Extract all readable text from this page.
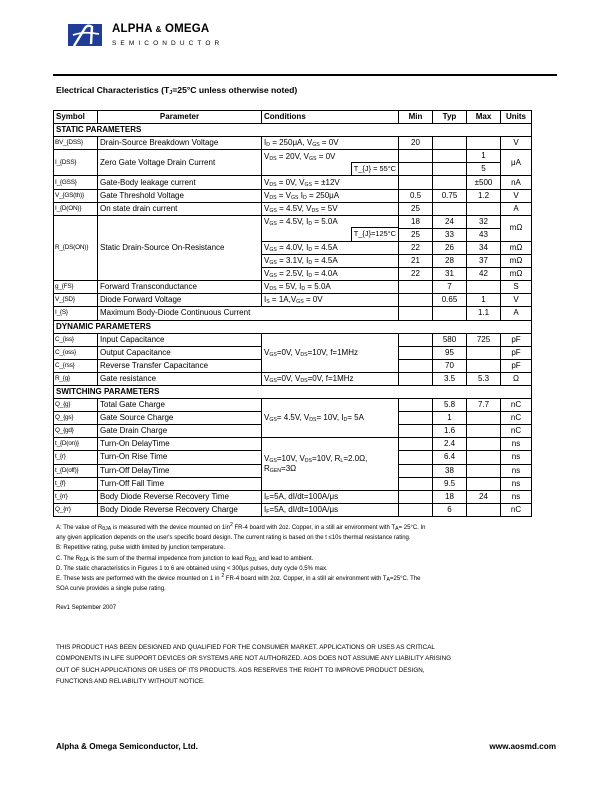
ALPHA & OMEGA
SEMICONDUCTOR
Electrical Characteristics ($T_J=25^\circ C$ unless otherwise noted)
Symbol	Parameter	Conditions	Min	Typ	Max	Units
STATIC PARAMETERS						
BV_{DSS}	Drain-Source Breakdown Voltage	$I_D = 250\mu A$, $V_{GS} = 0V$	20			V
I_{DSS}	Zero Gate Voltage Drain Current	$V_{DS} = 20V$, $V_{GS} = 0V$			1	μA

		T_{J} = 55°C			5	
I_{GSS}	Gate-Body leakage current	$V_{DS} = 0V$, $V_{GS} = \pm 12V$			±500	nA
V_{GS(th)}	Gate Threshold Voltage	$V_{DS} = V_{GS}$ $I_D = 250\mu A$	0.5	0.75	1.2	V
I_{D(ON)}	On state drain current	$V_{GS} = 4.5V$, $V_{DS} = 5V$	25			A
R_{DS(ON)}	Static Drain-Source On-Resistance	$V_{GS} = 4.5V$, $I_D = 5.0A$	18	24	32	mΩ

		T_{J}=125°C	25	33	43	
		$V_{GS} = 4.0V$, $I_D = 4.5A$	22	26	34	mΩ
		$V_{GS} = 3.1V$, $I_D = 4.5A$	21	28	37	mΩ
		$V_{GS} = 2.5V$, $I_D = 4.0A$	22	31	42	mΩ
g_{FS}	Forward Transconductance	$V_{DS} = 5V$, $I_D = 5.0A$		7		S
V_{SD}	Diode Forward Voltage	$I_S = 1A,V_{GS} = 0V$		0.65	1	V
I_{S}	Maximum Body-Diode Continuous Current				1.1	A
DYNAMIC PARAMETERS						
C_{iss}	Input Capacitance	$V_{GS}=0V$, $V_{DS}=10V$, f=1MHz		580	725	pF
C_{oss}	Output Capacitance			95		pF
C_{rss}	Reverse Transfer Capacitance			70		pF
R_{g}	Gate resistance	$V_{GS}=0V$, $V_{DS}=0V$, f=1MHz		3.5	5.3	Ω
SWITCHING PARAMETERS						
Q_{g}	Total Gate Charge	$V_{GS}= 4.5V$, $V_{DS}= 10V$, $I_D= 5A$		5.8	7.7	nC
Q_{gs}	Gate Source Charge			1		nC
Q_{gd}	Gate Drain Charge			1.6		nC
t_{D(on)}	Turn-On DelayTime	$V_{GS}=10V$, $V_{DS}=10V$, $R_L=2.0\Omega$, $R_{GEN}=3\Omega$		2.4		ns
t_{r}	Turn-On Rise Time			6.4		ns
t_{D(off)}	Turn-Off DelayTime			38		ns
t_{f}	Turn-Off Fall Time			9.5		ns
t_{rr}	Body Diode Reverse Recovery Time	$I_F=5A$, dI/dt=100A/μs		18	24	ns
Q_{rr}	Body Diode Reverse Recovery Charge	$I_F=5A$, dI/dt=100A/μs		6		nC
A: The value of $R_{\theta JA}$ is measured with the device mounted on $1in^2$ FR-4 board with 2oz. Copper, in a still air environment with $T_A= 25^\circ C$. In
any given application depends on the user's specific board design. The current rating is based on the t ≤10s thermal resistance rating.
B: Repetitive rating, pulse width limited by junction temperature.
C. The $R_{\theta JA}$ is the sum of the thermal impedence from junction to lead $R_{\theta JL}$ and lead to ambient.
D. The static characteristics in Figures 1 to 6 are obtained using < 300μs pulses, duty cycle 0.5% max.
E. These tests are performed with the device mounted on 1 in $^2$ FR-4 board with 2oz. Copper, in a still air environment with $T_A=25^\circ C$. The
SOA curve provides a single pulse rating.
Rev1 September 2007
THIS PRODUCT HAS BEEN DESIGNED AND QUALIFIED FOR THE CONSUMER MARKET. APPLICATIONS OR USES AS CRITICAL
COMPONENTS IN LIFE SUPPORT DEVICES OR SYSTEMS ARE NOT AUTHORIZED. AOS DOES NOT ASSUME ANY LIABILITY ARISING
OUT OF SUCH APPLICATIONS OR USES OF ITS PRODUCTS. AOS RESERVES THE RIGHT TO IMPROVE PRODUCT DESIGN,
FUNCTIONS AND RELIABILITY WITHOUT NOTICE.
Alpha & Omega Semiconductor, Ltd.	www.aosmd.com
